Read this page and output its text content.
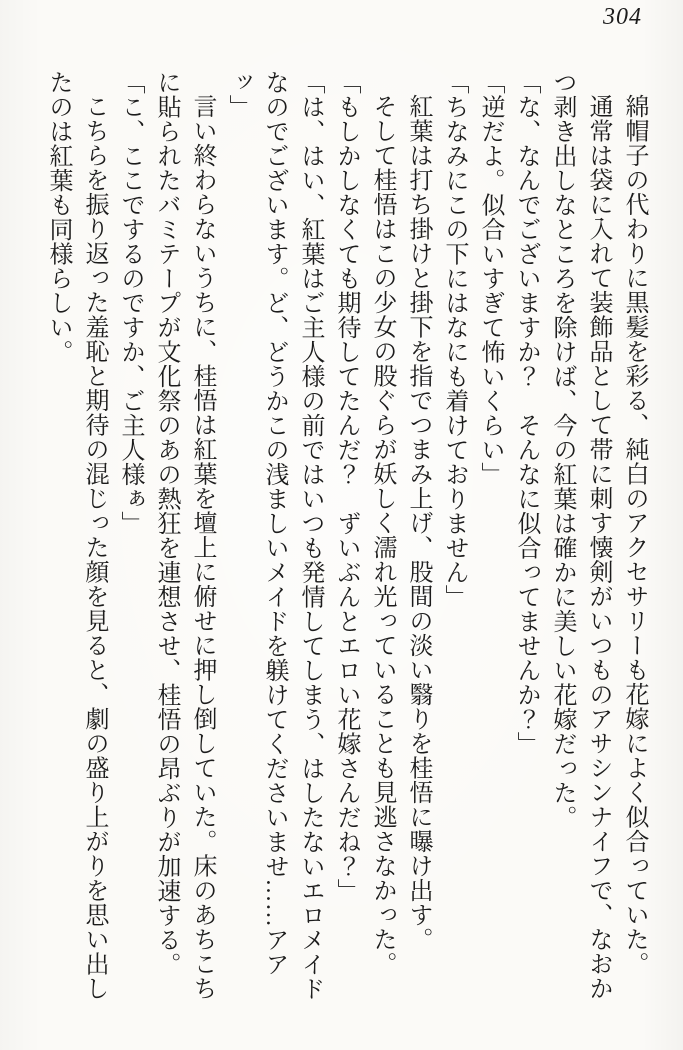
304
綿帽子の代わりに黒髪を彩る、純白のアクセサリーも花嫁によく似合っていた。
通常は袋に入れて装飾品として帯に刺す懐剣がいつものアサシンナイフで、なおか
つ剥き出しなところを除けば、今の紅葉は確かに美しい花嫁だった。
「な、なんでございますか？　そんなに似合ってませんか？」
「逆だよ。似合いすぎて怖いくらい」
「ちなみにこの下にはなにも着けておりません」
紅葉は打ち掛けと掛下を指でつまみ上げ、股間の淡い翳りを桂悟に曝け出す。
そして桂悟はこの少女の股ぐらが妖しく濡れ光っていることも見逃さなかった。
「もしかしなくても期待してたんだ？　ずいぶんとエロい花嫁さんだね？」
「は、はい、紅葉はご主人様の前ではいつも発情してしまう、はしたないエロメイド
なのでございます。ど、どうかこの浅ましいメイドを躾けてくださいませ……アア
ッ」
言い終わらないうちに、桂悟は紅葉を壇上に俯せに押し倒していた。床のあちこち
に貼られたバミテープが文化祭のあの熱狂を連想させ、桂悟の昂ぶりが加速する。
「こ、ここでするのですか、ご主人様ぁ」
こちらを振り返った羞恥と期待の混じった顔を見ると、劇の盛り上がりを思い出し
たのは紅葉も同様らしい。
